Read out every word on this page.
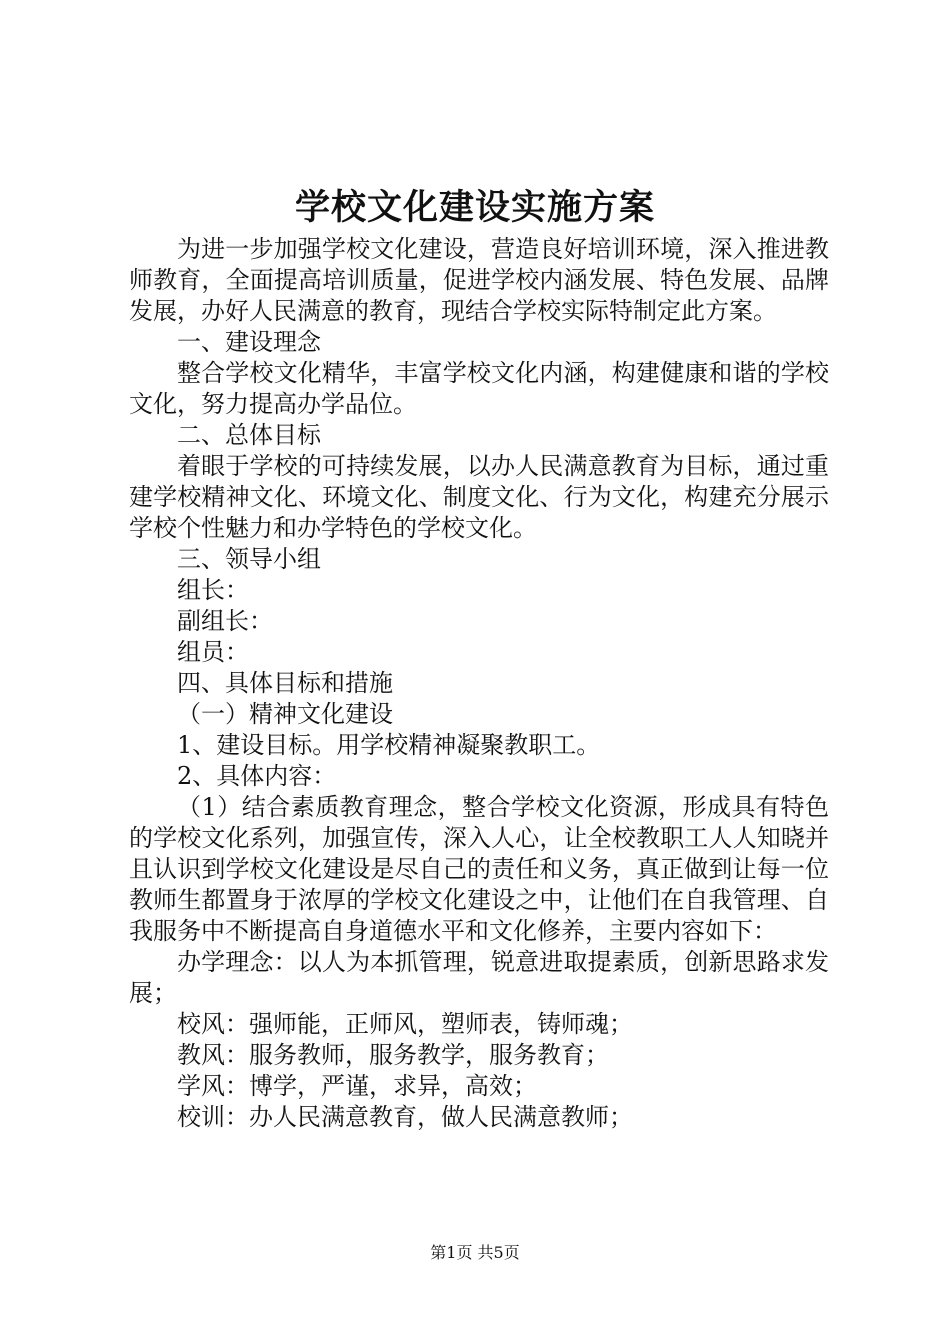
学校文化建设实施方案

为进一步加强学校文化建设，营造良好培训环境，深入推进教师教育，全面提高培训质量，促进学校内涵发展、特色发展、品牌发展，办好人民满意的教育，现结合学校实际特制定此方案。

一、建设理念

整合学校文化精华，丰富学校文化内涵，构建健康和谐的学校文化，努力提高办学品位。

二、总体目标

着眼于学校的可持续发展，以办人民满意教育为目标，通过重建学校精神文化、环境文化、制度文化、行为文化，构建充分展示学校个性魅力和办学特色的学校文化。

三、领导小组

组长：

副组长：

组员：

四、具体目标和措施

（一）精神文化建设

1、建设目标。用学校精神凝聚教职工。

2、具体内容：

（1）结合素质教育理念，整合学校文化资源，形成具有特色的学校文化系列，加强宣传，深入人心，让全校教职工人人知晓并且认识到学校文化建设是尽自己的责任和义务，真正做到让每一位教师生都置身于浓厚的学校文化建设之中，让他们在自我管理、自我服务中不断提高自身道德水平和文化修养，主要内容如下：

办学理念：以人为本抓管理，锐意进取提素质，创新思路求发展；

校风：强师能，正师风，塑师表，铸师魂；

教风：服务教师，服务教学，服务教育；

学风：博学，严谨，求异，高效；

校训：办人民满意教育，做人民满意教师；

第1页 共5页
